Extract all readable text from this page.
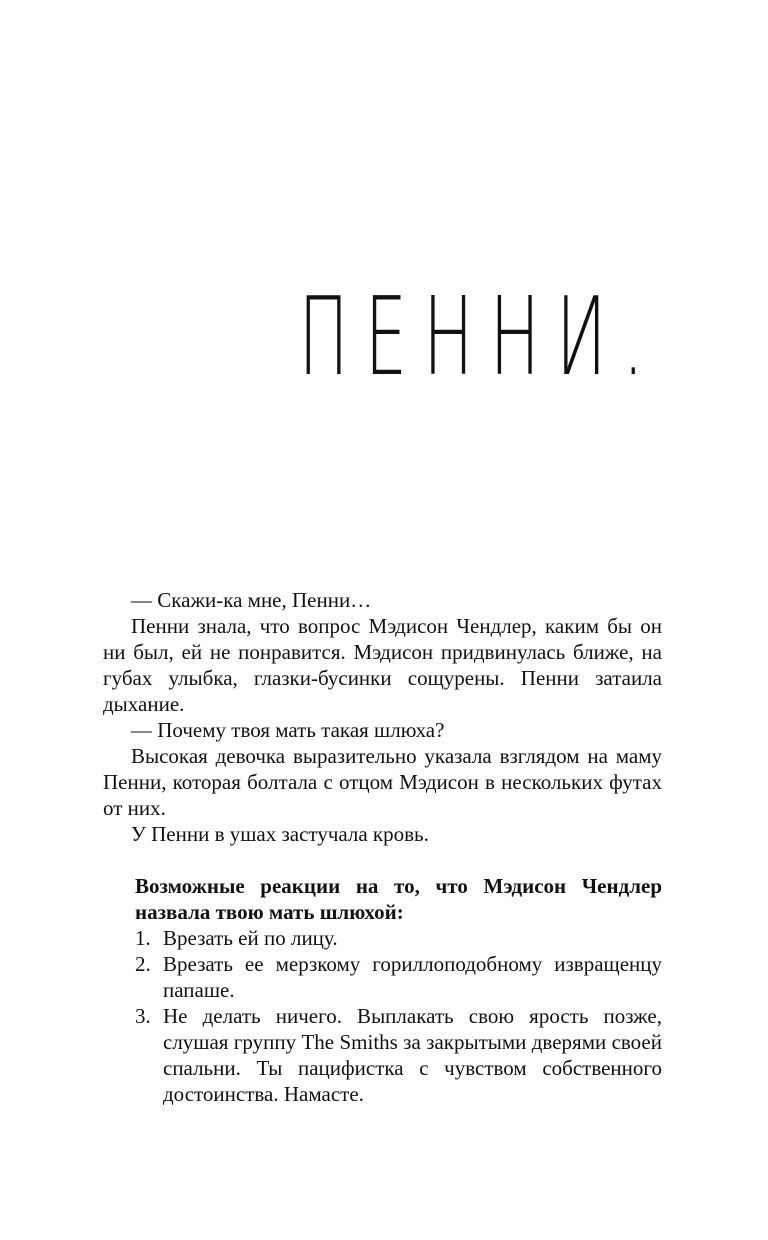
ПЕННИ.

— Скажи-ка мне, Пенни…

Пенни знала, что вопрос Мэдисон Чендлер, каким бы он ни был, ей не понравится. Мэдисон придвинулась ближе, на губах улыбка, глазки-бусинки сощурены. Пенни затаила дыхание.

— Почему твоя мать такая шлюха?

Высокая девочка выразительно указала взглядом на маму Пенни, которая болтала с отцом Мэдисон в нескольких футах от них.

У Пенни в ушах застучала кровь.

Возможные реакции на то, что Мэдисон Чендлер назвала твою мать шлюхой:

1. Врезать ей по лицу.
2. Врезать ее мерзкому гориллоподобному извращенцу папаше.
3. Не делать ничего. Выплакать свою ярость позже, слушая группу The Smiths за закрытыми дверями своей спальни. Ты пацифистка с чувством собственного достоинства. Намасте.
